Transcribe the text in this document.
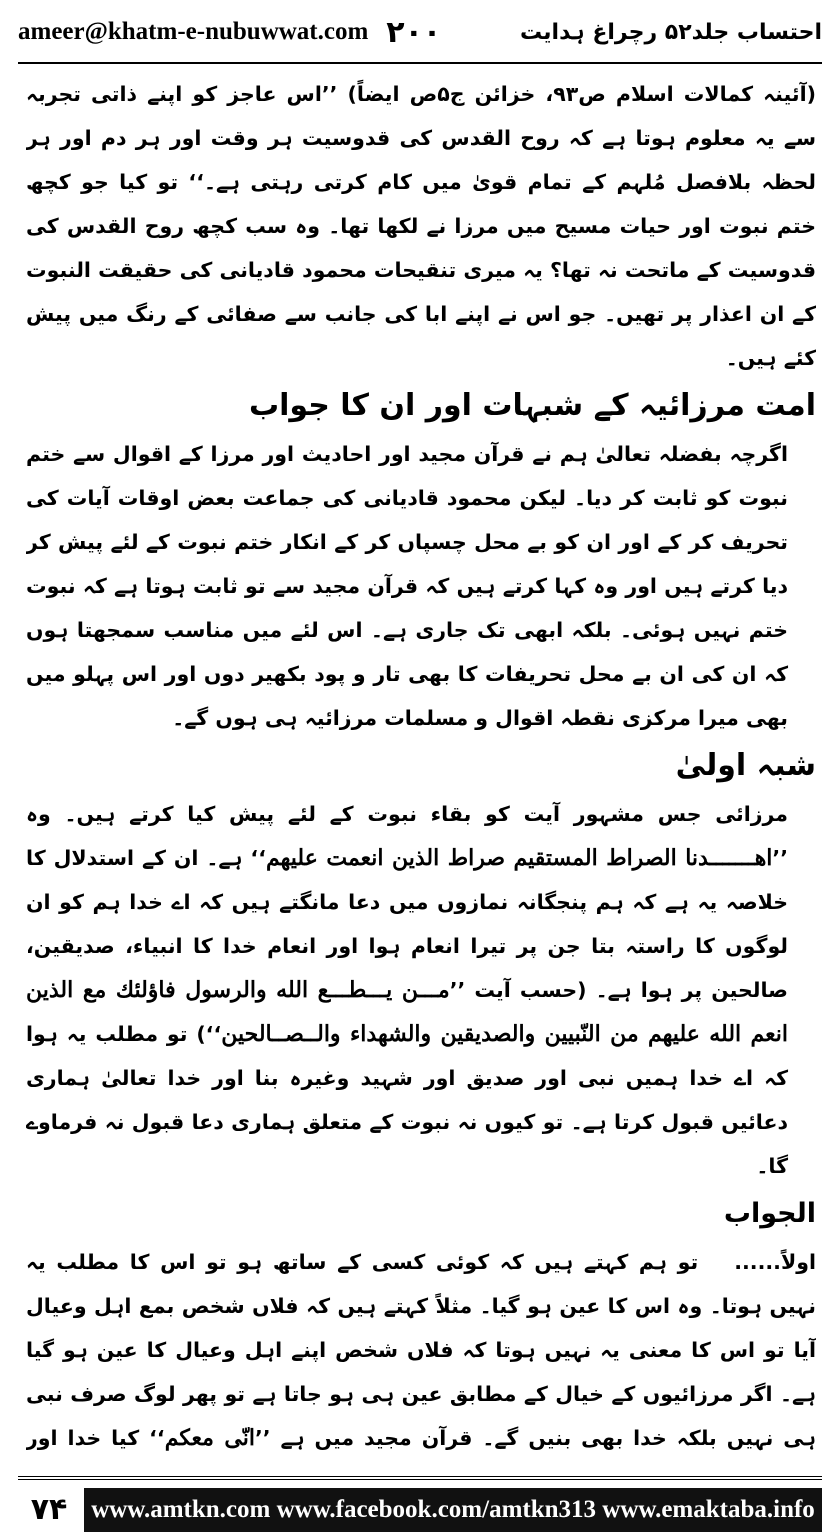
ameer@khatm-e-nubuwwat.com ۲۰۰	احتساب جلد۵۲ رچراغ ہدایت

(آئینہ کمالات اسلام ص۹۳، خزائن ج۵ص ایضاً) ’’اس عاجز کو اپنے ذاتی تجربہ سے یہ معلوم ہوتا ہے کہ روح القدس کی قدوسیت ہر وقت اور ہر دم اور ہر لحظہ بلافصل مُلہم کے تمام قویٰ میں کام کرتی رہتی ہے۔‘‘ تو کیا جو کچھ ختم نبوت اور حیات مسیح میں مرزا نے لکھا تھا۔ وہ سب کچھ روح القدس کی قدوسیت کے ماتحت نہ تھا؟ یہ میری تنقیحات محمود قادیانی کی حقیقت النبوت کے ان اعذار پر تھیں۔ جو اس نے اپنے ابا کی جانب سے صفائی کے رنگ میں پیش کئے ہیں۔

امت مرزائیہ کے شبہات اور ان کا جواب

اگرچہ بفضلہ تعالیٰ ہم نے قرآن مجید اور احادیث اور مرزا کے اقوال سے ختم نبوت کو ثابت کر دیا۔ لیکن محمود قادیانی کی جماعت بعض اوقات آیات کی تحریف کر کے اور ان کو بے محل چسپاں کر کے انکار ختم نبوت کے لئے پیش کر دیا کرتے ہیں اور وہ کہا کرتے ہیں کہ قرآن مجید سے تو ثابت ہوتا ہے کہ نبوت ختم نہیں ہوئی۔ بلکہ ابھی تک جاری ہے۔ اس لئے میں مناسب سمجھتا ہوں کہ ان کی ان بے محل تحریفات کا بھی تار و پود بکھیر دوں اور اس پہلو میں بھی میرا مرکزی نقطہ اقوال و مسلمات مرزائیہ ہی ہوں گے۔

شبہ اولیٰ

مرزائی جس مشہور آیت کو بقاء نبوت کے لئے پیش کیا کرتے ہیں۔ وہ ’’اهـــــــدنا الصراط المستقيم صراط الذين انعمت عليهم‘‘ ہے۔ ان کے استدلال کا خلاصہ یہ ہے کہ ہم پنجگانہ نمازوں میں دعا مانگتے ہیں کہ اے خدا ہم کو ان لوگوں کا راستہ بتا جن پر تیرا انعام ہوا اور انعام خدا کا انبیاء، صدیقین، صالحین پر ہوا ہے۔ (حسب آیت ’’مـــن يـــطـــع الله والرسول فاؤلئك مع الذين انعم الله عليهم من النّبيين والصديقين والشهداء والــصــالحين‘‘) تو مطلب یہ ہوا کہ اے خدا ہمیں نبی اور صدیق اور شہید وغیرہ بنا اور خدا تعالیٰ ہماری دعائیں قبول کرتا ہے۔ تو کیوں نہ نبوت کے متعلق ہماری دعا قبول نہ فرماوے گا۔

الجواب

اولاً......تو ہم کہتے ہیں کہ کوئی کسی کے ساتھ ہو تو اس کا مطلب یہ نہیں ہوتا۔ وہ اس کا عین ہو گیا۔ مثلاً کہتے ہیں کہ فلاں شخص بمع اہل وعیال آیا تو اس کا معنی یہ نہیں ہوتا کہ فلاں شخص اپنے اہل وعیال کا عین ہو گیا ہے۔ اگر مرزائیوں کے خیال کے مطابق عین ہی ہو جاتا ہے تو پھر لوگ صرف نبی ہی نہیں بلکہ خدا بھی بنیں گے۔ قرآن مجید میں ہے ’’انّی معکم‘‘ کیا خدا اور

۷۴ www.amtkn.com www.facebook.com/amtkn313 www.emaktaba.info
